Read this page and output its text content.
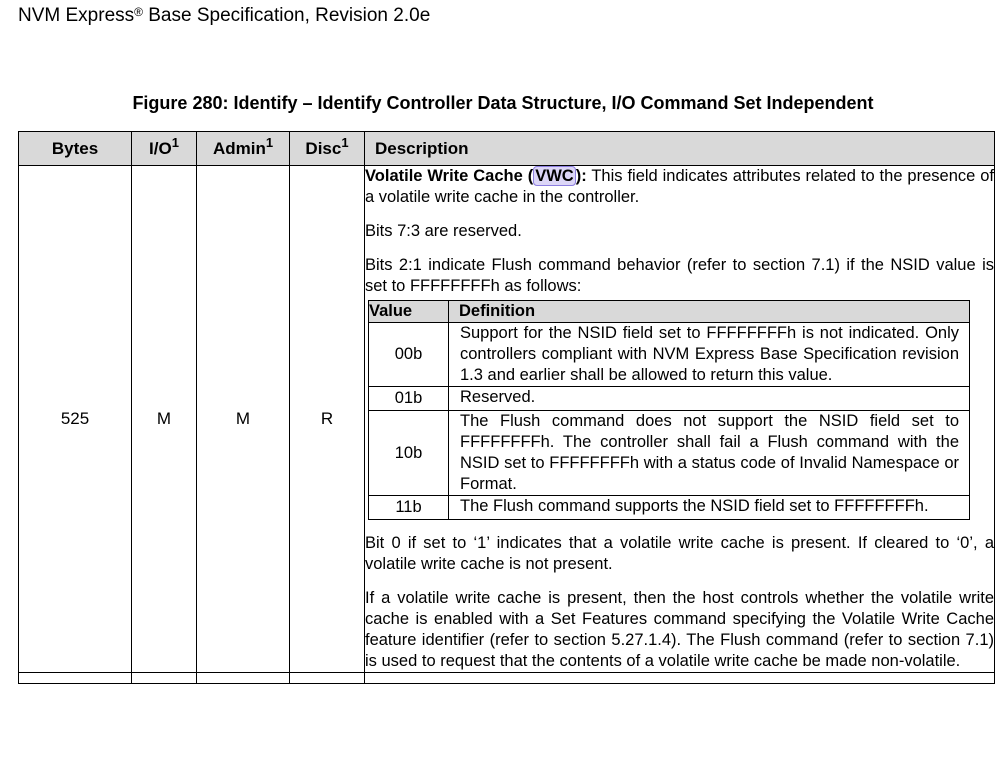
NVM Express® Base Specification, Revision 2.0e
Figure 280: Identify – Identify Controller Data Structure, I/O Command Set Independent
Bytes	$I/O^1$	Admin$^1$	Disc$^1$	Description
525	M	M	R	

Volatile Write Cache ( VWC ): This field indicates attributes related to the presence of a volatile write cache in the controller.

Bits 7:3 are reserved.

Bits 2:1 indicate Flush command behavior (refer to section 7.1) if the NSID value is set to FFFFFFFFh as follows:

Value	Definition
00b	Support for the NSID field set to FFFFFFFFh is not indicated. Only controllers compliant with NVM Express Base Specification revision 1.3 and earlier shall be allowed to return this value.
01b	Reserved.
10b	The Flush command does not support the NSID field set to FFFFFFFFh. The controller shall fail a Flush command with the NSID set to FFFFFFFFh with a status code of Invalid Namespace or Format.
11b	The Flush command supports the NSID field set to FFFFFFFFh.

Bit 0 if set to ‘1’ indicates that a volatile write cache is present. If cleared to ‘0’, a volatile write cache is not present.

If a volatile write cache is present, then the host controls whether the volatile write cache is enabled with a Set Features command specifying the Volatile Write Cache feature identifier (refer to section 5.27.1.4). The Flush command (refer to section 7.1) is used to request that the contents of a volatile write cache be made non-volatile.
